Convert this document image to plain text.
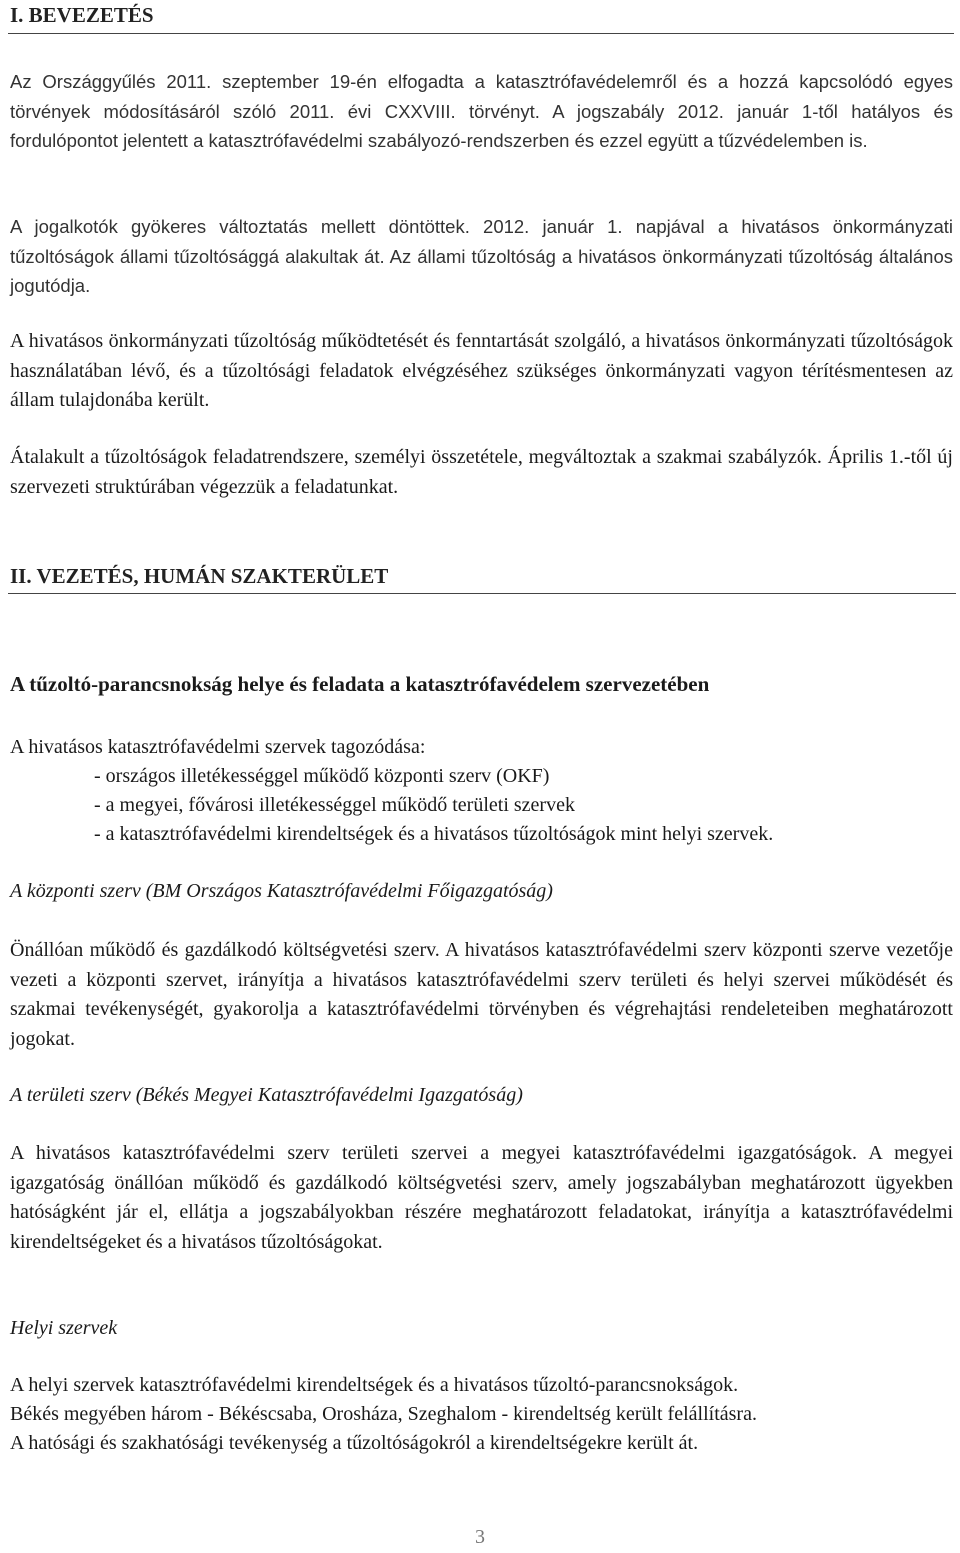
I. BEVEZETÉS
Az Országgyűlés 2011. szeptember 19-én elfogadta a katasztrófavédelemről és a hozzá kapcsolódó egyes törvények módosításáról szóló 2011. évi CXXVIII. törvényt. A jogszabály 2012. január 1-től hatályos és fordulópontot jelentett a katasztrófavédelmi szabályozó-rendszerben és ezzel együtt a tűzvédelemben is.
A jogalkotók gyökeres változtatás mellett döntöttek. 2012. január 1. napjával a hivatásos önkormányzati tűzoltóságok állami tűzoltósággá alakultak át. Az állami tűzoltóság a hivatásos önkormányzati tűzoltóság általános jogutódja.
A hivatásos önkormányzati tűzoltóság működtetését és fenntartását szolgáló, a hivatásos önkormányzati tűzoltóságok használatában lévő, és a tűzoltósági feladatok elvégzéséhez szükséges önkormányzati vagyon térítésmentesen az állam tulajdonába került.
Átalakult a tűzoltóságok feladatrendszere, személyi összetétele, megváltoztak a szakmai szabályzók. Április 1.-től új szervezeti struktúrában végezzük a feladatunkat.
II. VEZETÉS, HUMÁN SZAKTERÜLET
A tűzoltó-parancsnokság helye és feladata a katasztrófavédelem szervezetében
A hivatásos katasztrófavédelmi szervek tagozódása:
- országos illetékességgel működő központi szerv (OKF)
- a megyei, fővárosi illetékességgel működő területi szervek
- a katasztrófavédelmi kirendeltségek és a hivatásos tűzoltóságok mint helyi szervek.
A központi szerv (BM Országos Katasztrófavédelmi Főigazgatóság)
Önállóan működő és gazdálkodó költségvetési szerv. A hivatásos katasztrófavédelmi szerv központi szerve vezetője vezeti a központi szervet, irányítja a hivatásos katasztrófavédelmi szerv területi és helyi szervei működését és szakmai tevékenységét, gyakorolja a katasztrófavédelmi törvényben és végrehajtási rendeleteiben meghatározott jogokat.
A területi szerv (Békés Megyei Katasztrófavédelmi Igazgatóság)
A hivatásos katasztrófavédelmi szerv területi szervei a megyei katasztrófavédelmi igazgatóságok. A megyei igazgatóság önállóan működő és gazdálkodó költségvetési szerv, amely jogszabályban meghatározott ügyekben hatóságként jár el, ellátja a jogszabályokban részére meghatározott feladatokat, irányítja a katasztrófavédelmi kirendeltségeket és a hivatásos tűzoltóságokat.
Helyi szervek
A helyi szervek katasztrófavédelmi kirendeltségek és a hivatásos tűzoltó-parancsnokságok.
Békés megyében három - Békéscsaba, Orosháza, Szeghalom - kirendeltség került felállításra.
A hatósági és szakhatósági tevékenység a tűzoltóságokról a kirendeltségekre került át.
3
